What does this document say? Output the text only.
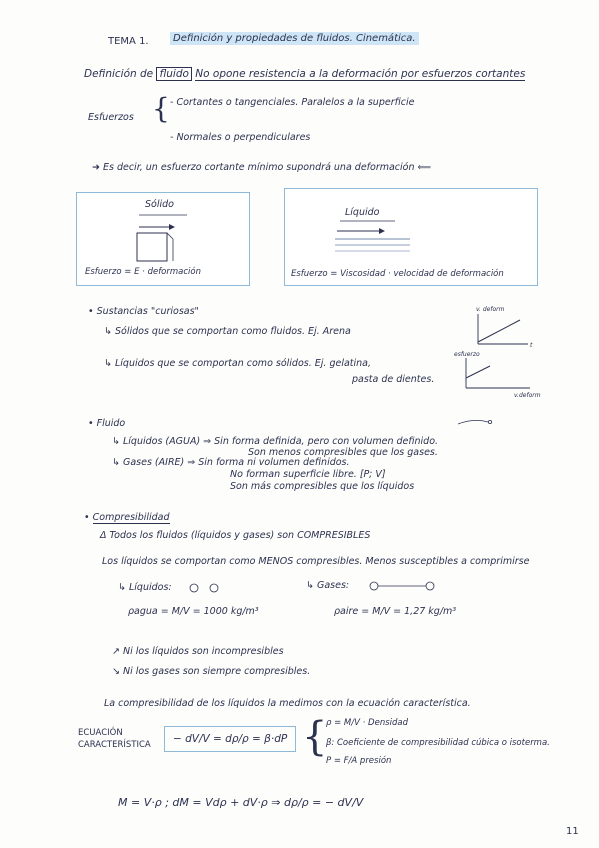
TEMA 1.	Definición y propiedades de fluidos. Cinemática.
Definición de fluido No opone resistencia a la deformación por esfuerzos cortantes
Esfuerzos { - Cortantes o tangenciales. Paralelos a la superficie
- Normales o perpendiculares
➜ Es decir, un esfuerzo cortante mínimo supondrá una deformación ⟸
Sólido
Esfuerzo = E · deformación
Líquido
Esfuerzo = Viscosidad · velocidad de deformación
• Sustancias "curiosas"
↳ Sólidos que se comportan como fluidos. Ej. Arena
↳ Líquidos que se comportan como sólidos. Ej. gelatina,
pasta de dientes.
v. deform
t
esfuerzo
v.deform
• Fluido
↳ Líquidos (AGUA) ⇒ Sin forma definida, pero con volumen definido.
Son menos compresibles que los gases.
↳ Gases (AIRE) ⇒ Sin forma ni volumen definidos.
No forman superficie libre. [P; V]
Son más compresibles que los líquidos
• Compresibilidad
Δ Todos los fluidos (líquidos y gases) son COMPRESIBLES
Los líquidos se comportan como MENOS compresibles. Menos susceptibles a comprimirse
↳ Líquidos:	↳ Gases:
ρagua = M/V = 1000 kg/m³	ρaire = M/V = 1,27 kg/m³
↗ Ni los líquidos son incompresibles
↘ Ni los gases son siempre compresibles.
La compresibilidad de los líquidos la medimos con la ecuación característica.
ECUACIÓN
CARACTERÍSTICA	− dV/V = dρ/ρ = β·dP {
ρ = M/V · Densidad
β: Coeficiente de compresibilidad cúbica o isoterma.
P = F/A presión
M = V·ρ ; dM = Vdρ + dV·ρ ⇒ dρ/ρ = − dV/V
11
